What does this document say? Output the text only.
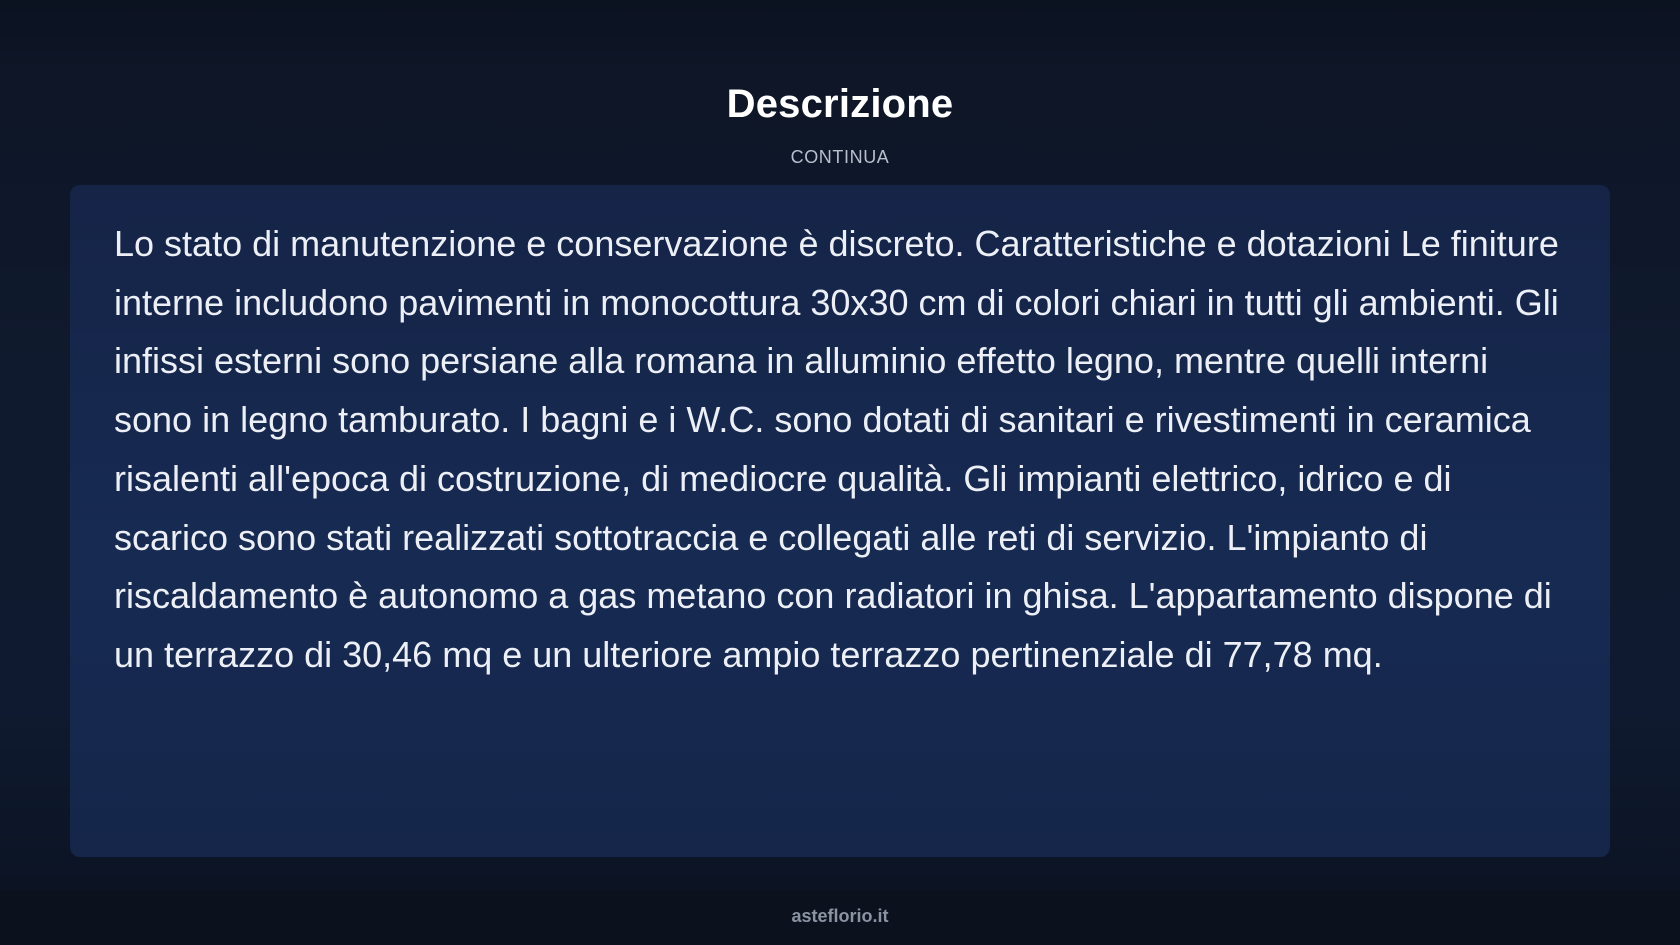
Descrizione
CONTINUA

Lo stato di manutenzione e conservazione è discreto. Caratteristiche e dotazioni Le finiture interne includono pavimenti in monocottura 30x30 cm di colori chiari in tutti gli ambienti. Gli infissi esterni sono persiane alla romana in alluminio effetto legno, mentre quelli interni sono in legno tamburato. I bagni e i W.C. sono dotati di sanitari e rivestimenti in ceramica risalenti all'epoca di costruzione, di mediocre qualità. Gli impianti elettrico, idrico e di scarico sono stati realizzati sottotraccia e collegati alle reti di servizio. L'impianto di riscaldamento è autonomo a gas metano con radiatori in ghisa. L'appartamento dispone di un terrazzo di 30,46 mq e un ulteriore ampio terrazzo pertinenziale di 77,78 mq.

asteflorio.it
